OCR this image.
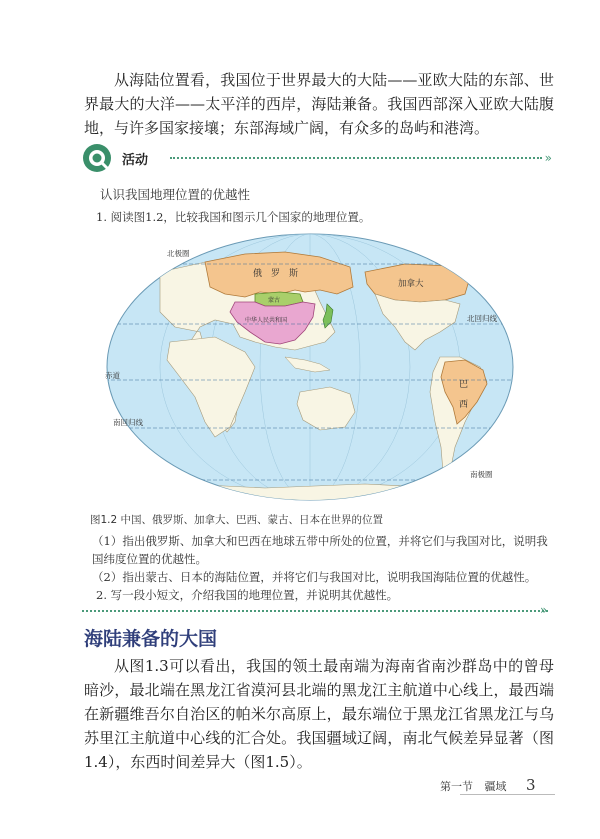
从海陆位置看，我国位于世界最大的大陆——亚欧大陆的东部、世界最大的大洋——太平洋的西岸，海陆兼备。我国西部深入亚欧大陆腹地，与许多国家接壤；东部海域广阔，有众多的岛屿和港湾。

活动	»

认识我国地理位置的优越性

1. 阅读图1.2，比较我国和图示几个国家的地理位置。

北极圈
俄　罗　斯
加拿大
蒙古
中华人民共和国	北回归线
赤道
巴
西
南回归线
南极圈

图1.2 中国、俄罗斯、加拿大、巴西、蒙古、日本在世界的位置

（1）指出俄罗斯、加拿大和巴西在地球五带中所处的位置，并将它们与我国对比，说明我国纬度位置的优越性。

（2）指出蒙古、日本的海陆位置，并将它们与我国对比，说明我国海陆位置的优越性。

2. 写一段小短文，介绍我国的地理位置，并说明其优越性。

»
海陆兼备的大国

从图1.3可以看出，我国的领土最南端为海南省南沙群岛中的曾母暗沙，最北端在黑龙江省漠河县北端的黑龙江主航道中心线上，最西端在新疆维吾尔自治区的帕米尔高原上，最东端位于黑龙江省黑龙江与乌苏里江主航道中心线的汇合处。我国疆域辽阔，南北气候差异显著（图1.4），东西时间差异大（图1.5）。

第一节 疆域 3
